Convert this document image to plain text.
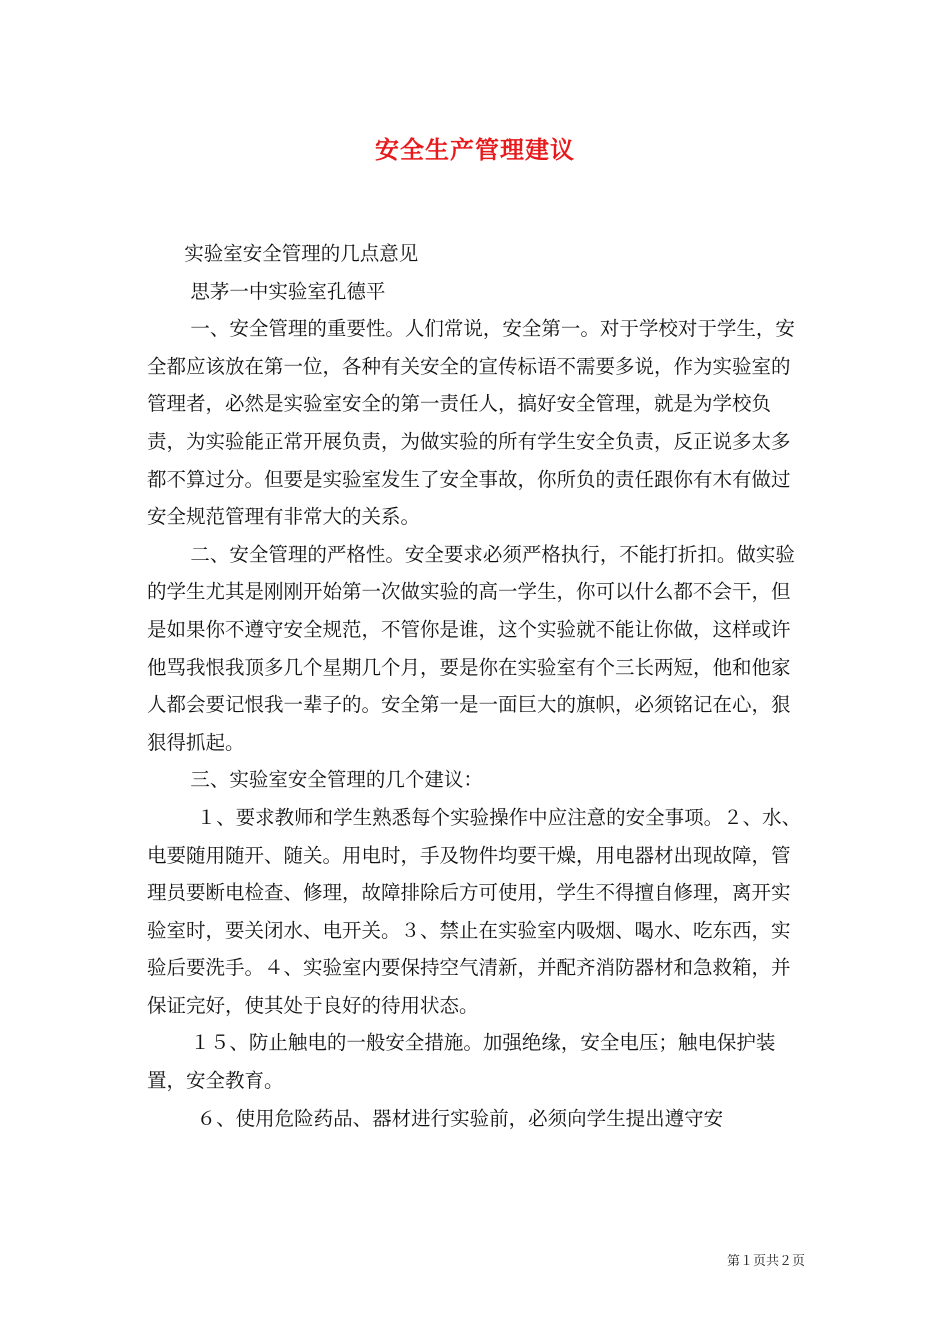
安全生产管理建议

实验室安全管理的几点意见

思茅一中实验室孔德平

一、安全管理的重要性。人们常说，安全第一。对于学校对于学生，安全都应该放在第一位，各种有关安全的宣传标语不需要多说，作为实验室的管理者，必然是实验室安全的第一责任人，搞好安全管理，就是为学校负责，为实验能正常开展负责，为做实验的所有学生安全负责，反正说多太多都不算过分。但要是实验室发生了安全事故，你所负的责任跟你有木有做过安全规范管理有非常大的关系。

二、安全管理的严格性。安全要求必须严格执行，不能打折扣。做实验的学生尤其是刚刚开始第一次做实验的高一学生，你可以什么都不会干，但是如果你不遵守安全规范，不管你是谁，这个实验就不能让你做，这样或许他骂我恨我顶多几个星期几个月，要是你在实验室有个三长两短，他和他家人都会要记恨我一辈子的。安全第一是一面巨大的旗帜，必须铭记在心，狠狠得抓起。

三、实验室安全管理的几个建议：

１、要求教师和学生熟悉每个实验操作中应注意的安全事项。２、水、电要随用随开、随关。用电时，手及物件均要干燥，用电器材出现故障，管理员要断电检查、修理，故障排除后方可使用，学生不得擅自修理，离开实验室时，要关闭水、电开关。３、禁止在实验室内吸烟、喝水、吃东西，实验后要洗手。４、实验室内要保持空气清新，并配齐消防器材和急救箱，并保证完好，使其处于良好的待用状态。

１５、防止触电的一般安全措施。加强绝缘，安全电压；触电保护装置，安全教育。

６、使用危险药品、器材进行实验前，必须向学生提出遵守安

第１页共２页
